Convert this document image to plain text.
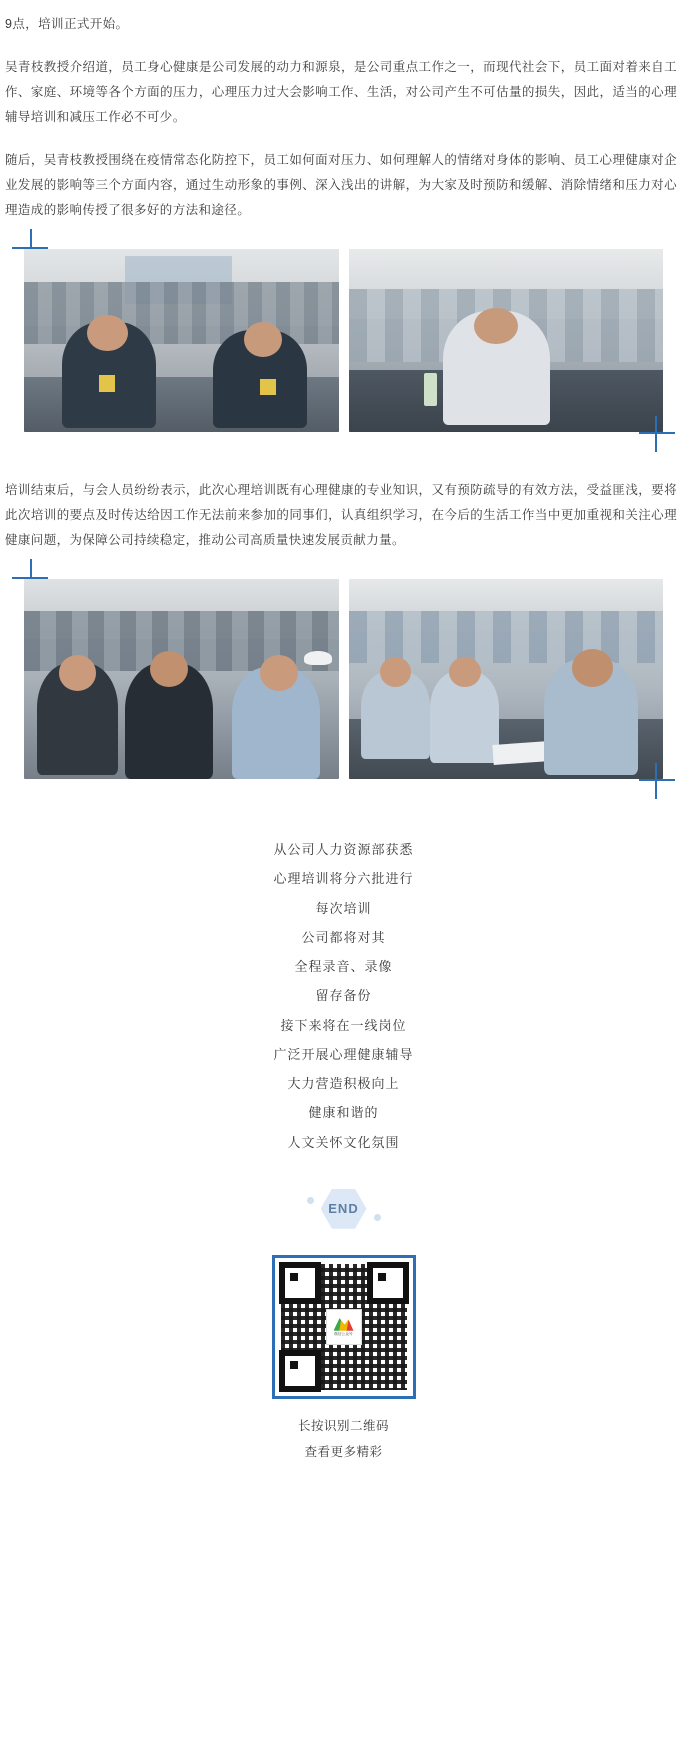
9点，培训正式开始。

吴青枝教授介绍道，员工身心健康是公司发展的动力和源泉，是公司重点工作之一，而现代社会下，员工面对着来自工作、家庭、环境等各个方面的压力，心理压力过大会影响工作、生活，对公司产生不可估量的损失，因此，适当的心理辅导培训和减压工作必不可少。

随后，吴青枝教授围绕在疫情常态化防控下，员工如何面对压力、如何理解人的情绪对身体的影响、员工心理健康对企业发展的影响等三个方面内容，通过生动形象的事例、深入浅出的讲解，为大家及时预防和缓解、消除情绪和压力对心理造成的影响传授了很多好的方法和途径。

培训结束后，与会人员纷纷表示，此次心理培训既有心理健康的专业知识，又有预防疏导的有效方法，受益匪浅，要将此次培训的要点及时传达给因工作无法前来参加的同事们，认真组织学习，在今后的生活工作当中更加重视和关注心理健康问题，为保障公司持续稳定，推动公司高质量快速发展贡献力量。

从公司人力资源部获悉
心理培训将分六批进行
每次培训
公司都将对其
全程录音、录像
留存备份
接下来将在一线岗位
广泛开展心理健康辅导
大力营造积极向上
健康和谐的
人文关怀文化氛围
END
微信公众号
长按识别二维码
查看更多精彩
